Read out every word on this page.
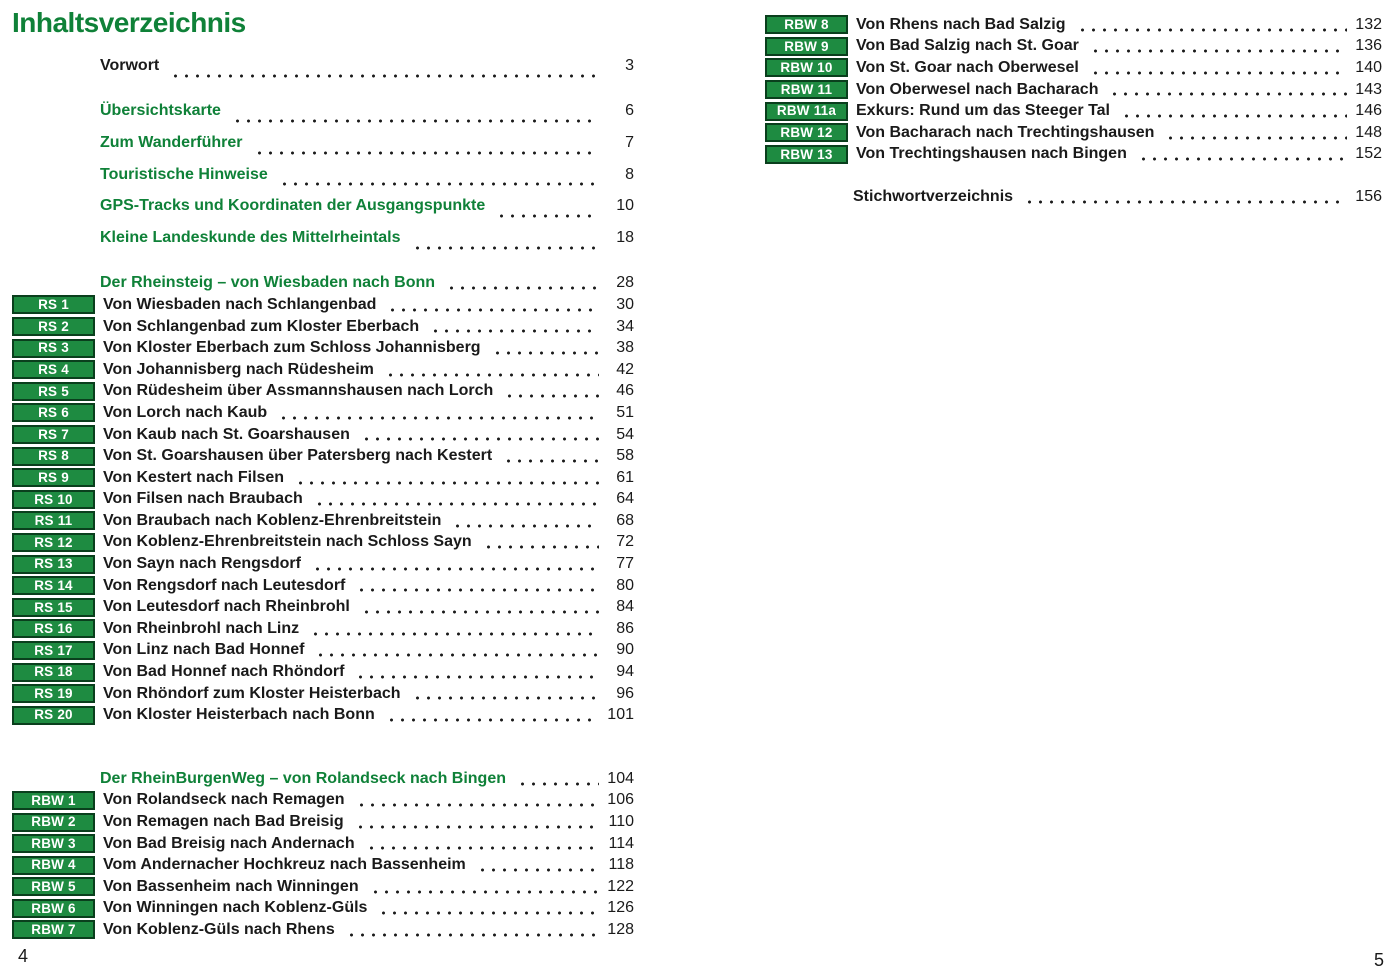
Inhaltsverzeichnis
Vorwort	3
Übersichtskarte	6
Zum Wanderführer	7
Touristische Hinweise	8
GPS-Tracks und Koordinaten der Ausgangspunkte	10
Kleine Landeskunde des Mittelrheintals	18
Der Rheinsteig – von Wiesbaden nach Bonn	28
RS 1	Von Wiesbaden nach Schlangenbad	30
RS 2	Von Schlangenbad zum Kloster Eberbach	34
RS 3	Von Kloster Eberbach zum Schloss Johannisberg	38
RS 4	Von Johannisberg nach Rüdesheim	42
RS 5	Von Rüdesheim über Assmannshausen nach Lorch	46
RS 6	Von Lorch nach Kaub	51
RS 7	Von Kaub nach St. Goarshausen	54
RS 8	Von St. Goarshausen über Patersberg nach Kestert	58
RS 9	Von Kestert nach Filsen	61
RS 10	Von Filsen nach Braubach	64
RS 11	Von Braubach nach Koblenz-Ehrenbreitstein	68
RS 12	Von Koblenz-Ehrenbreitstein nach Schloss Sayn	72
RS 13	Von Sayn nach Rengsdorf	77
RS 14	Von Rengsdorf nach Leutesdorf	80
RS 15	Von Leutesdorf nach Rheinbrohl	84
RS 16	Von Rheinbrohl nach Linz	86
RS 17	Von Linz nach Bad Honnef	90
RS 18	Von Bad Honnef nach Rhöndorf	94
RS 19	Von Rhöndorf zum Kloster Heisterbach	96
RS 20	Von Kloster Heisterbach nach Bonn	101
Der RheinBurgenWeg – von Rolandseck nach Bingen	104
RBW 1	Von Rolandseck nach Remagen	106
RBW 2	Von Remagen nach Bad Breisig	110
RBW 3	Von Bad Breisig nach Andernach	114
RBW 4	Vom Andernacher Hochkreuz nach Bassenheim	118
RBW 5	Von Bassenheim nach Winningen	122
RBW 6	Von Winningen nach Koblenz-Güls	126
RBW 7	Von Koblenz-Güls nach Rhens	128
RBW 8	Von Rhens nach Bad Salzig	132
RBW 9	Von Bad Salzig nach St. Goar	136
RBW 10	Von St. Goar nach Oberwesel	140
RBW 11	Von Oberwesel nach Bacharach	143
RBW 11a	Exkurs: Rund um das Steeger Tal	146
RBW 12	Von Bacharach nach Trechtingshausen	148
RBW 13	Von Trechtingshausen nach Bingen	152
Stichwortverzeichnis	156
4	5
